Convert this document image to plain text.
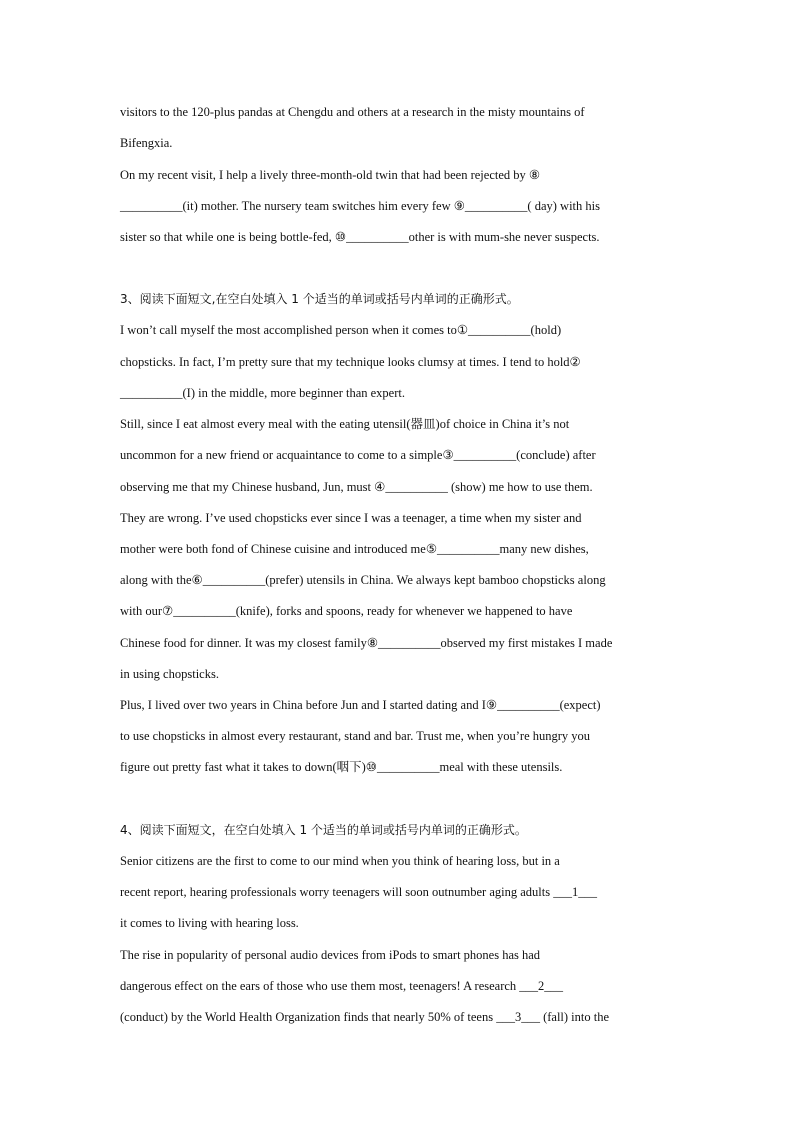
visitors to the 120-plus pandas at Chengdu and others at a research in the misty mountains of
Bifengxia.
On my recent visit, I help a lively three-month-old twin that had been rejected by ⑧
__________(it) mother. The nursery team switches him every few ⑨__________( day) with his
sister so that while one is being bottle-fed, ⑩__________other is with mum-she never suspects.
3、阅读下面短文,在空白处填入 1 个适当的单词或括号内单词的正确形式。
I won’t call myself the most accomplished person when it comes to①__________(hold)
chopsticks. In fact, I’m pretty sure that my technique looks clumsy at times. I tend to hold②
__________(I) in the middle, more beginner than expert.
Still, since I eat almost every meal with the eating utensil(器皿)of choice in China it’s not
uncommon for a new friend or acquaintance to come to a simple③__________(conclude) after
observing me that my Chinese husband, Jun, must ④__________ (show) me how to use them.
They are wrong. I’ve used chopsticks ever since I was a teenager, a time when my sister and
mother were both fond of Chinese cuisine and introduced me⑤__________many new dishes,
along with the⑥__________(prefer) utensils in China. We always kept bamboo chopsticks along
with our⑦__________(knife), forks and spoons, ready for whenever we happened to have
Chinese food for dinner. It was my closest family⑧__________observed my first mistakes I made
in using chopsticks.
Plus, I lived over two years in China before Jun and I started dating and I⑨__________(expect)
to use chopsticks in almost every restaurant, stand and bar. Trust me, when you’re hungry you
figure out pretty fast what it takes to down(咽下)⑩__________meal with these utensils.
4、阅读下面短文，在空白处填入 1 个适当的单词或括号内单词的正确形式。
Senior citizens are the first to come to our mind when you think of hearing loss, but in a
recent report, hearing professionals worry teenagers will soon outnumber aging adults ___1___
it comes to living with hearing loss.
The rise in popularity of personal audio devices from iPods to smart phones has had
dangerous effect on the ears of those who use them most, teenagers! A research ___2___
(conduct) by the World Health Organization finds that nearly 50% of teens ___3___ (fall) into the
